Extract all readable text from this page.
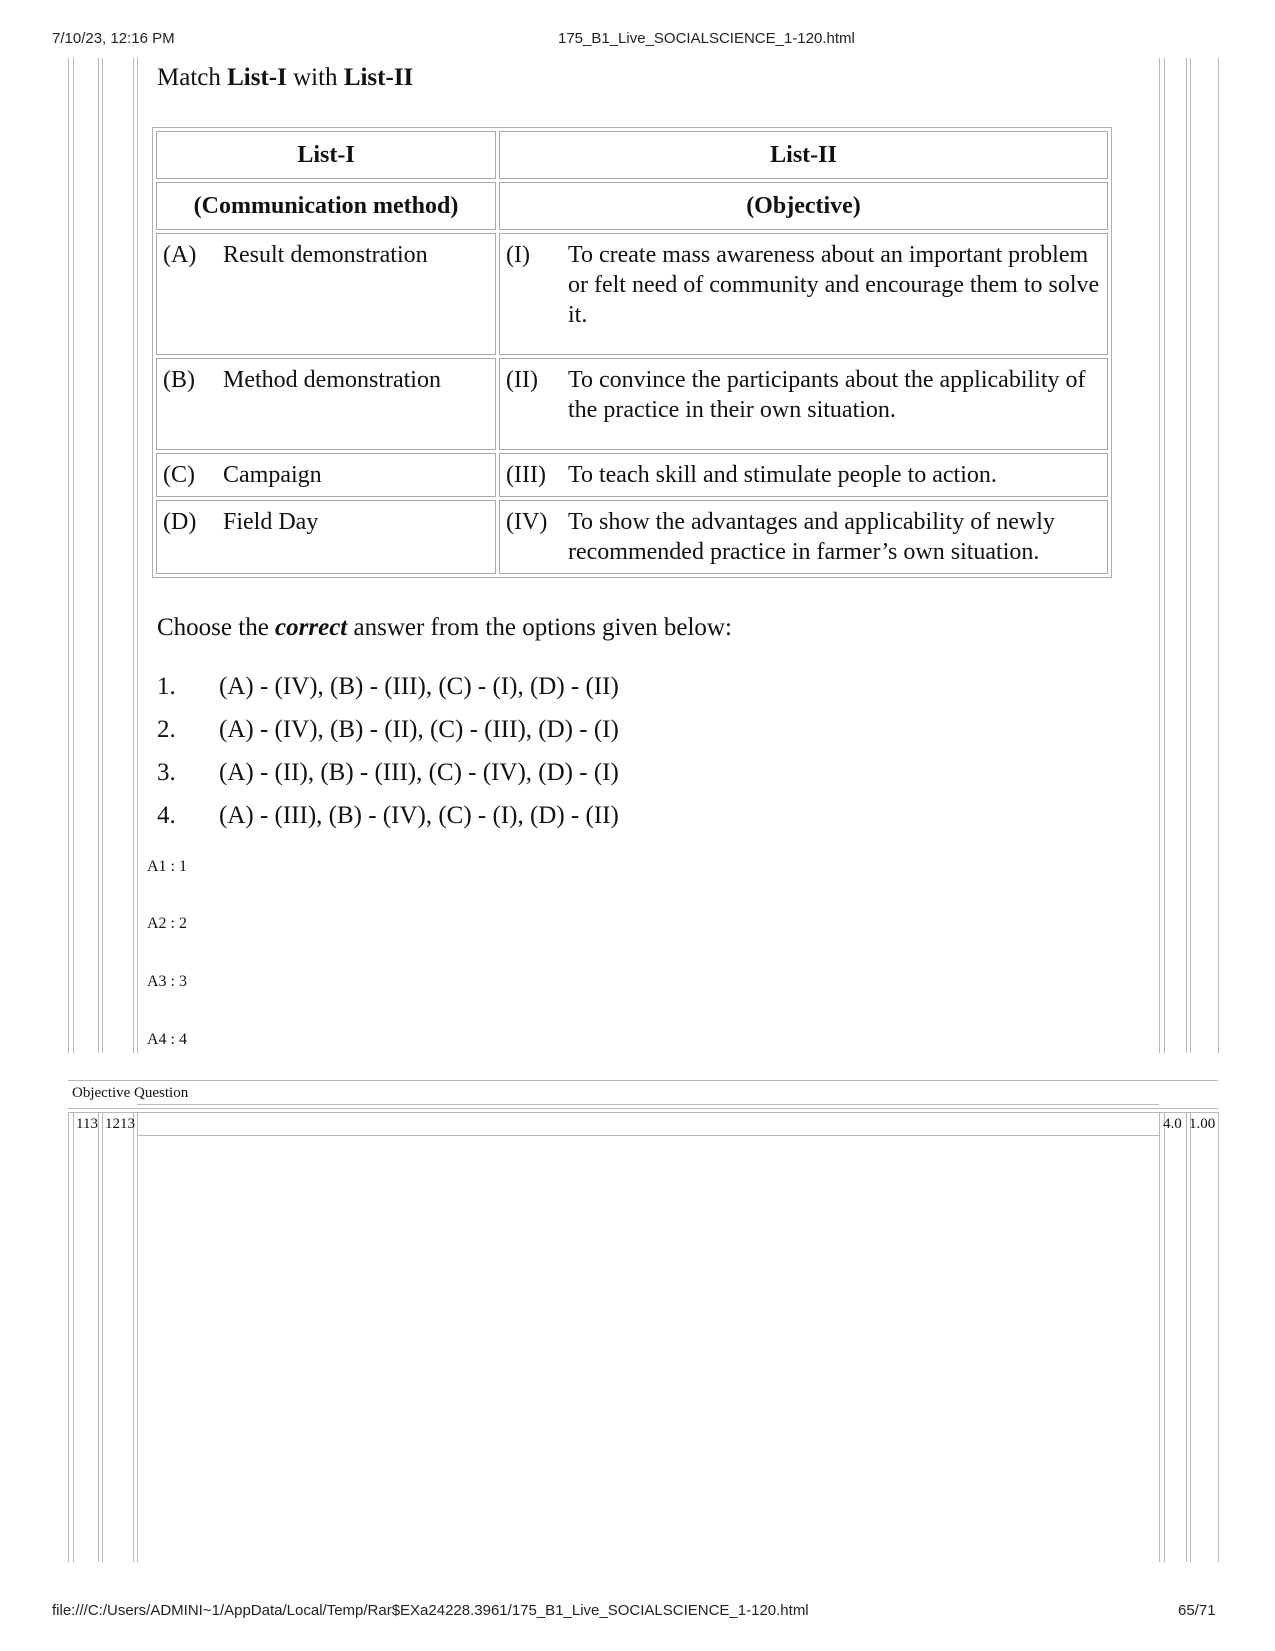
7/10/23, 12:16 PM	175_B1_Live_SOCIALSCIENCE_1-120.html
Match List-I with List-II
List-I	List-II
(Communication method)	(Objective)

(A) Result demonstration	(I) To create mass awareness about an important problem or felt need of community and encourage them to solve it.

(B) Method demonstration	(II) To convince the participants about the applicability of the practice in their own situation.

(C) Campaign	(III) To teach skill and stimulate people to action.

(D) Field Day	(IV) To show the advantages and applicability of newly recommended practice in farmer’s own situation.
Choose the correct answer from the options given below:
1.	(A) - (IV), (B) - (III), (C) - (I), (D) - (II)
2.	(A) - (IV), (B) - (II), (C) - (III), (D) - (I)
3.	(A) - (II), (B) - (III), (C) - (IV), (D) - (I)
4.	(A) - (III), (B) - (IV), (C) - (I), (D) - (II)
A1 : 1
A2 : 2
A3 : 3
A4 : 4
Objective Question
113 1213	4.0 1.00
file:///C:/Users/ADMINI~1/AppData/Local/Temp/Rar$EXa24228.3961/175_B1_Live_SOCIALSCIENCE_1-120.html	65/71
